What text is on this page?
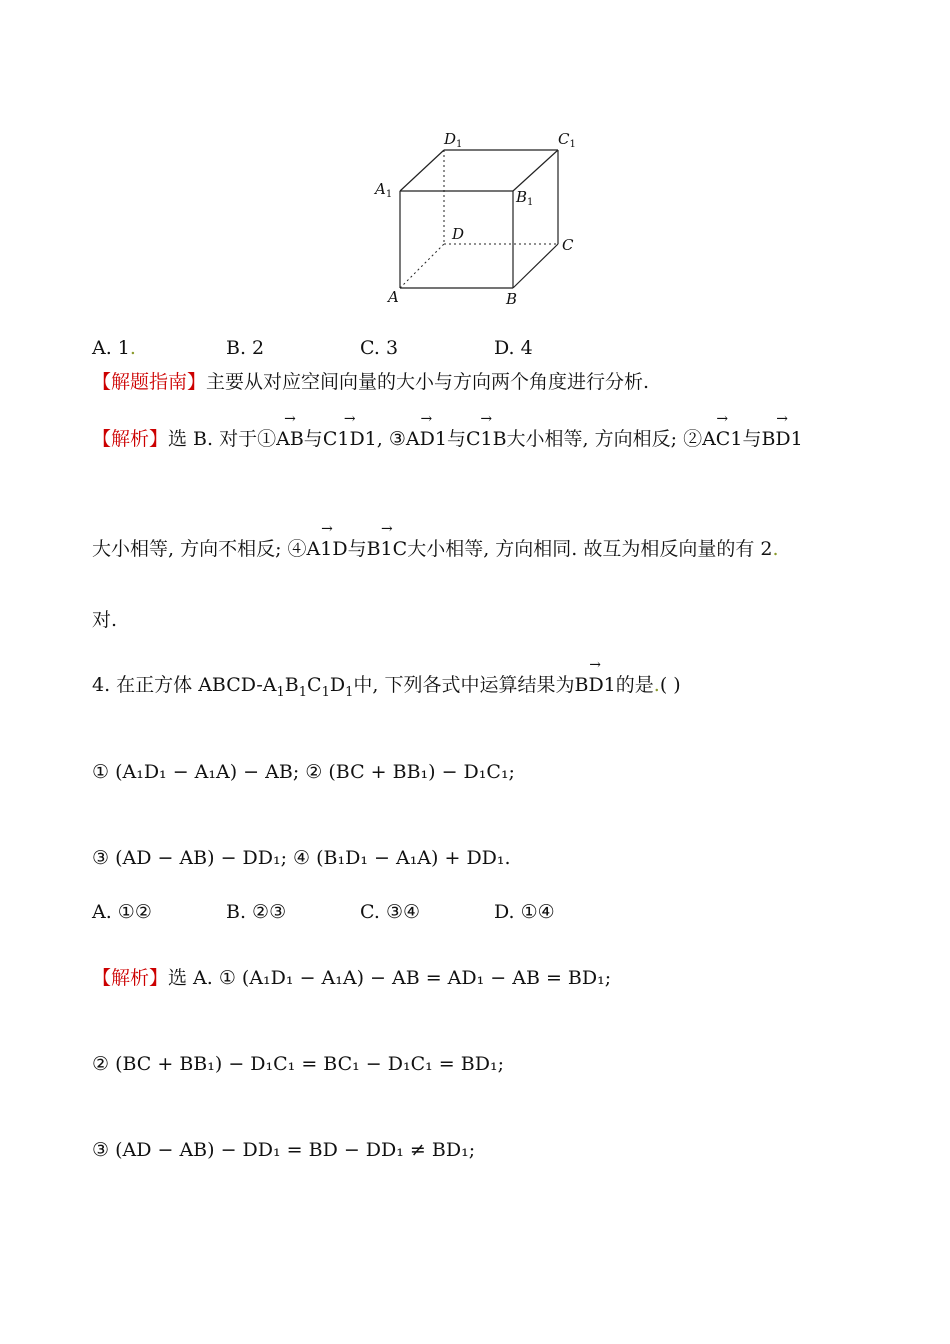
$D_1$	$C_1$
$A_1$	$B_1$
D
C
A	B
A. 1.	B. 2	C. 3	D. 4
【解题指南】主要从对应空间向量的大小与方向两个角度进行分析.
【解析】选 B. 对于①→ AB与→ C1D1, ③→ AD1与→ C1B大小相等, 方向相反; ②→ AC1与→ BD1
大小相等, 方向不相反; ④→ A1D与→ B1C大小相等, 方向相同. 故互为相反向量的有 2.
对.
4. 在正方体 ABCD-$A_1B_1C_1D_1$中, 下列各式中运算结果为→ BD1的是.( )
① (A₁D₁ − A₁A) − AB; ② (BC + BB₁) − D₁C₁;
③ (AD − AB) − DD₁; ④ (B₁D₁ − A₁A) + DD₁.
A. ①②	B. ②③	C. ③④	D. ①④
【解析】选 A. ① (A₁D₁ − A₁A) − AB = AD₁ − AB = BD₁;
② (BC + BB₁) − D₁C₁ = BC₁ − D₁C₁ = BD₁;
③ (AD − AB) − DD₁ = BD − DD₁ ≠ BD₁;
